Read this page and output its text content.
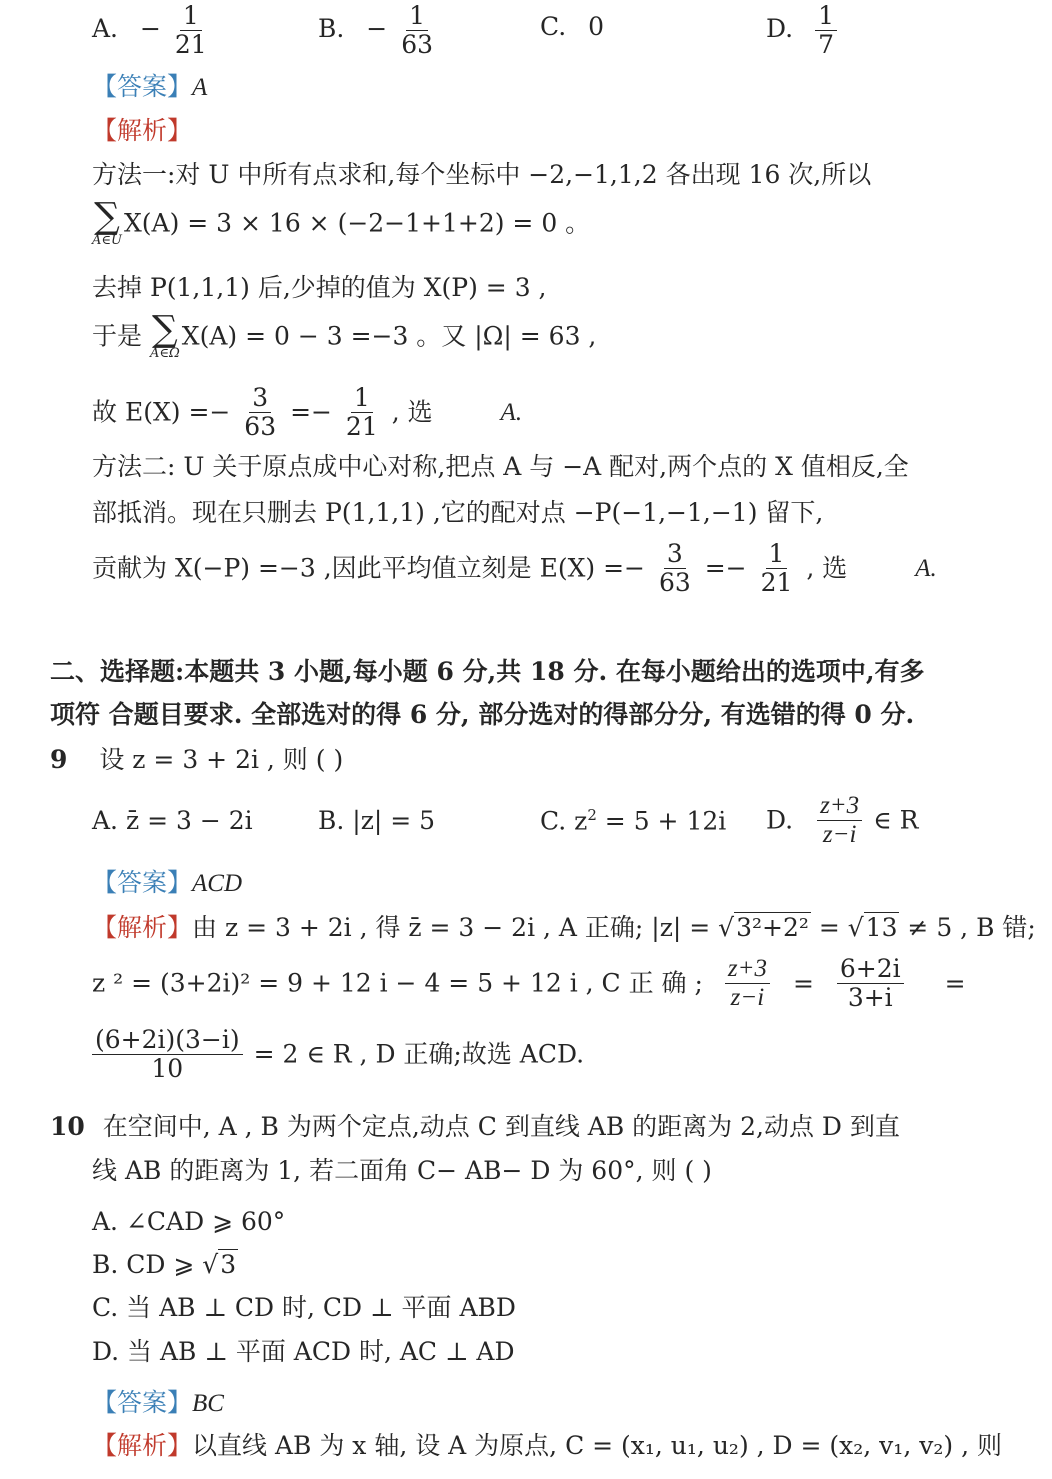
A. − $\frac{1}{21}$	B. − $\frac{1}{63}$	C. 0	D. $\frac{1}{7}$
【答案】A
【解析】
方法一:对 U 中所有点求和,每个坐标中 −2,−1,1,2 各出现 16 次,所以
∑
A∈U
X(A) = 3 × 16 × (−2−1+1+2) = 0 。
去掉 P(1,1,1) 后,少掉的值为 X(P) = 3 ,
于是 ∑
A∈Ω
X(A) = 0 − 3 =−3 。又 |Ω| = 63 ,
故 $E(X) =- \frac{3}{63} =- \frac{1}{21}$ , 选	A.
方法二: U 关于原点成中心对称,把点 A 与 −A 配对,两个点的 X 值相反,全
部抵消。现在只删去 P(1,1,1) ,它的配对点 −P(−1,−1,−1) 留下,
贡献为 X(−P) =−3 ,因此平均值立刻是 $E(X) =- \frac{3}{63} =- \frac{1}{21}$ , 选	A.
二、选择题:本题共 3 小题,每小题 6 分,共 18 分. 在每小题给出的选项中,有多
项符 合题目要求. 全部选对的得 6 分, 部分选对的得部分分, 有选错的得 0 分.
9 设 z = 3 + 2i , 则 ( )
A. z̄ = 3 − 2i	B. |z| = 5	C. $z^2 = 5 + 12i$ D. $\frac{z+3}{z-i}$ ∈ R
【答案】ACD
【解析】由 z = 3 + 2i , 得 z̄ = 3 − 2i , A 正确; |z| = √3²+2² = √13 ≠ 5 , B 错;
z ² = (3+2i)² = 9 + 12 i − 4 = 5 + 12 i , C 正 确 ; $\frac{z+3}{z-i} = \frac{6+2i}{3+i}$ =
$\frac{(6+2i)(3-i)}{10} = 2$ ∈ R , D 正确;故选 ACD.
10 在空间中, A , B 为两个定点,动点 C 到直线 AB 的距离为 2,动点 D 到直
线 AB 的距离为 1, 若二面角 C− AB− D 为 60°, 则 ( )
A. ∠CAD ⩾ 60°
B. CD ⩾ √3
C. 当 AB ⊥ CD 时, CD ⊥ 平面 ABD
D. 当 AB ⊥ 平面 ACD 时, AC ⊥ AD
【答案】BC
【解析】以直线 AB 为 x 轴, 设 A 为原点, C = (x₁, u₁, u₂) , D = (x₂, v₁, v₂) , 则
